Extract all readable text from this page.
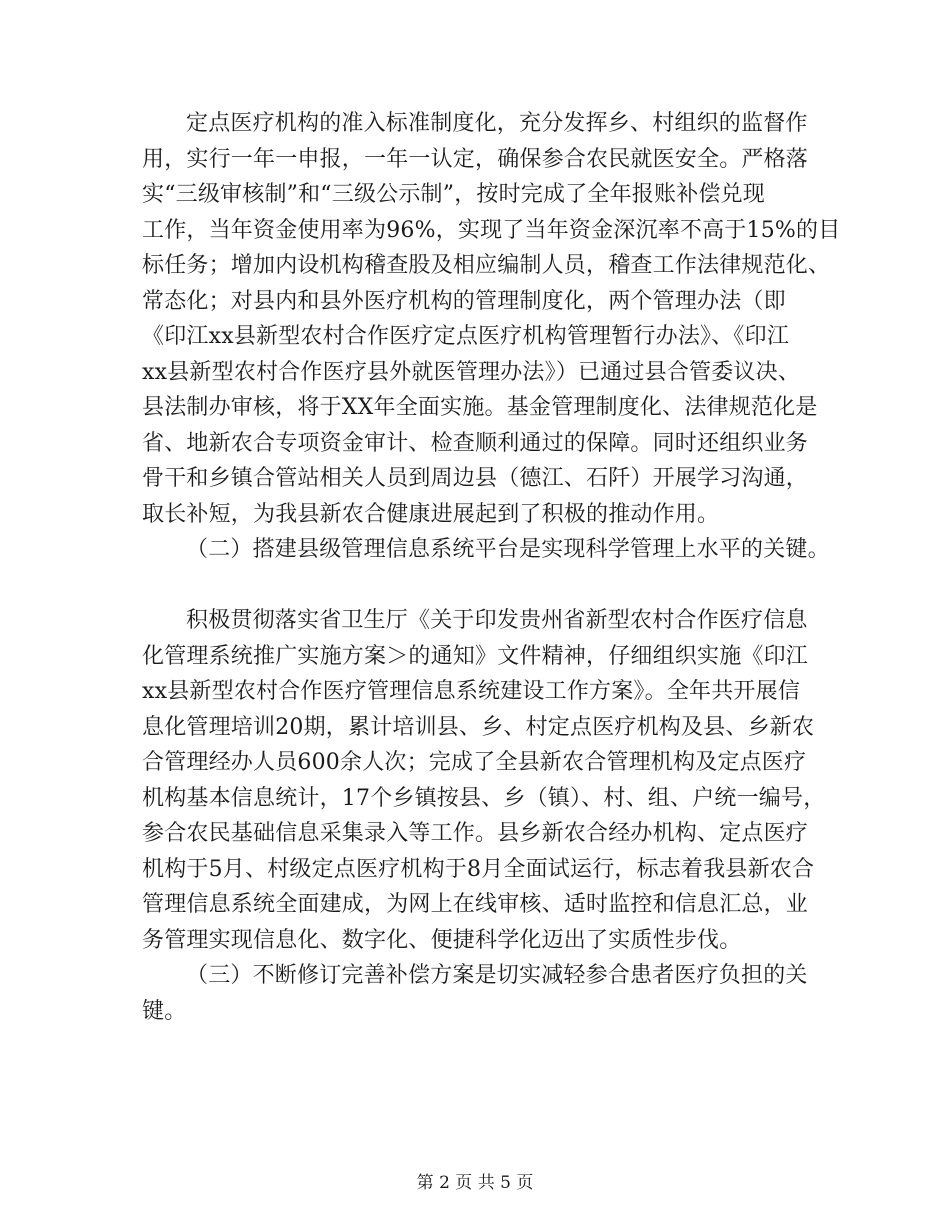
定点医疗机构的准入标准制度化，充分发挥乡、村组织的监督作
用，实行一年一申报，一年一认定，确保参合农民就医安全。严格落
实“三级审核制”和“三级公示制”，按时完成了全年报账补偿兑现
工作，当年资金使用率为96%，实现了当年资金深沉率不高于15%的目
标任务；增加内设机构稽查股及相应编制人员，稽查工作法律规范化、
常态化；对县内和县外医疗机构的管理制度化，两个管理办法（即
《印江xx县新型农村合作医疗定点医疗机构管理暂行办法》、《印江
xx县新型农村合作医疗县外就医管理办法》）已通过县合管委议决、
县法制办审核，将于XX年全面实施。基金管理制度化、法律规范化是
省、地新农合专项资金审计、检查顺利通过的保障。同时还组织业务
骨干和乡镇合管站相关人员到周边县（德江、石阡）开展学习沟通，
取长补短，为我县新农合健康进展起到了积极的推动作用。
（二）搭建县级管理信息系统平台是实现科学管理上水平的关键。
积极贯彻落实省卫生厅《关于印发贵州省新型农村合作医疗信息
化管理系统推广实施方案＞的通知》文件精神，仔细组织实施《印江
xx县新型农村合作医疗管理信息系统建设工作方案》。全年共开展信
息化管理培训20期，累计培训县、乡、村定点医疗机构及县、乡新农
合管理经办人员600余人次；完成了全县新农合管理机构及定点医疗
机构基本信息统计，17个乡镇按县、乡（镇）、村、组、户统一编号，
参合农民基础信息采集录入等工作。县乡新农合经办机构、定点医疗
机构于5月、村级定点医疗机构于8月全面试运行，标志着我县新农合
管理信息系统全面建成，为网上在线审核、适时监控和信息汇总，业
务管理实现信息化、数字化、便捷科学化迈出了实质性步伐。
（三）不断修订完善补偿方案是切实减轻参合患者医疗负担的关
键。
第 2 页 共 5 页
